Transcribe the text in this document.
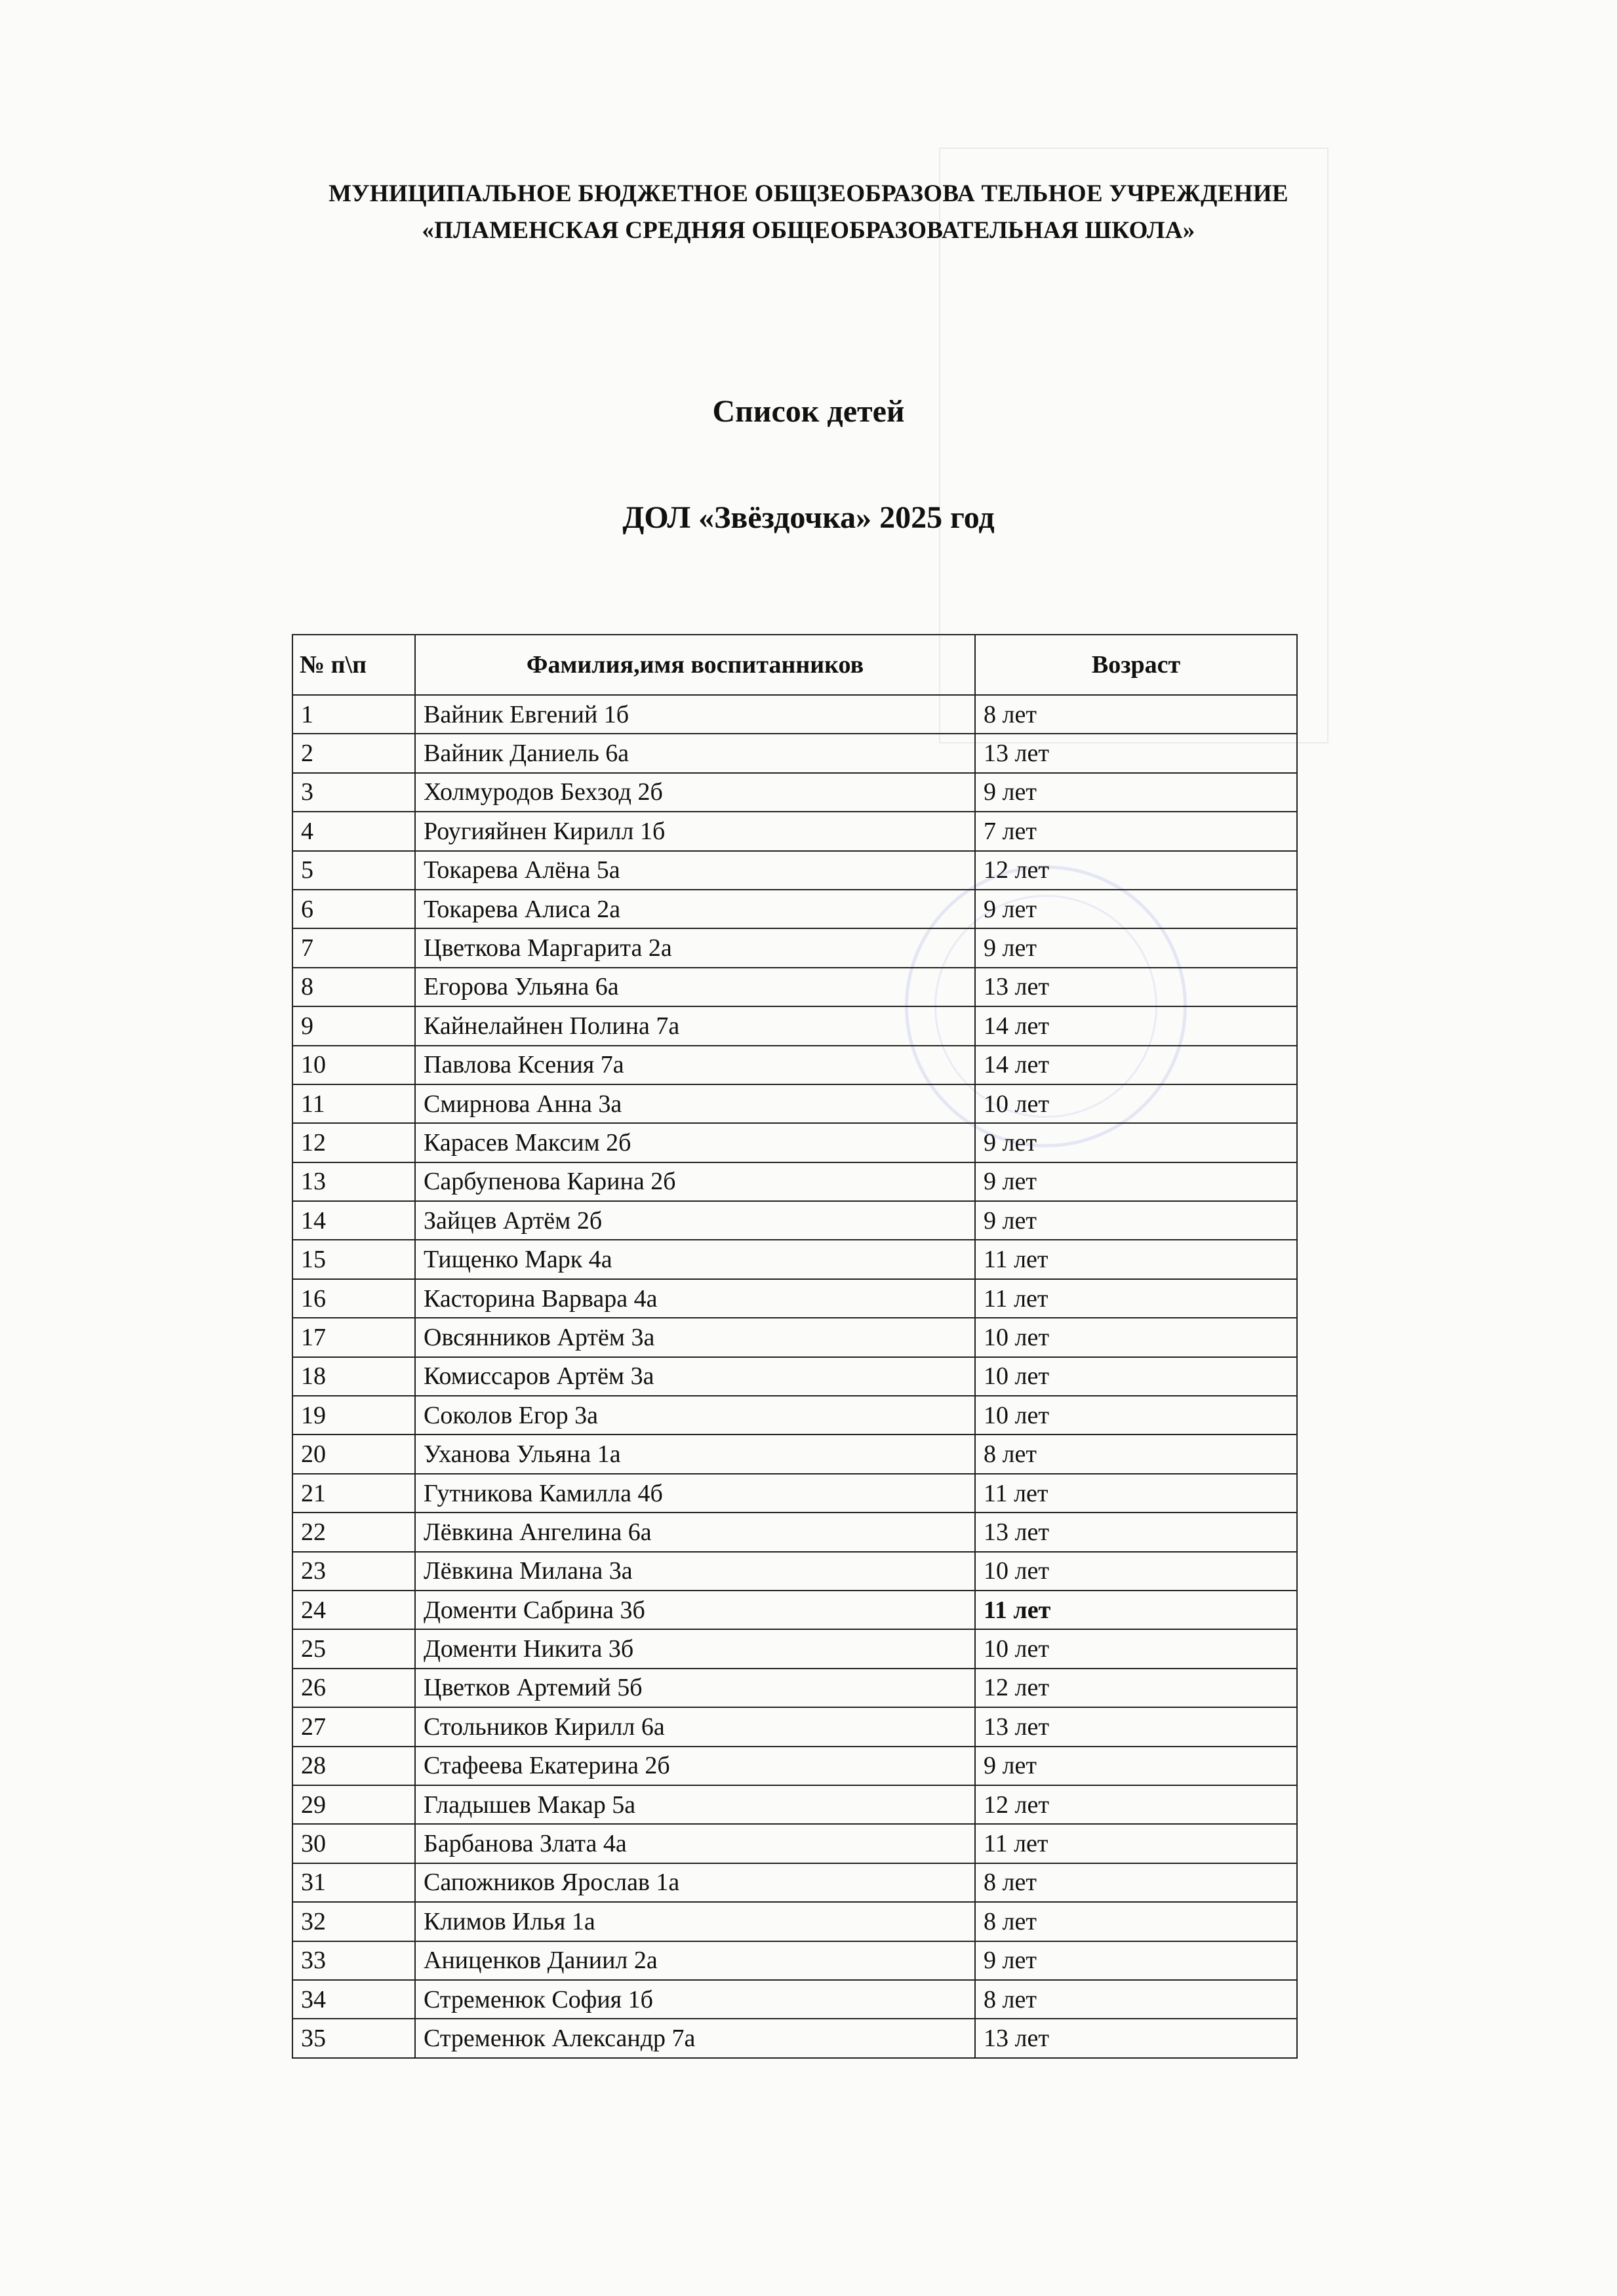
МУНИЦИПАЛЬНОЕ БЮДЖЕТНОЕ ОБЩЗЕОБРАЗОВА ТЕЛЬНОЕ УЧРЕЖДЕНИЕ
«ПЛАМЕНСКАЯ СРЕДНЯЯ ОБЩЕОБРАЗОВАТЕЛЬНАЯ ШКОЛА»
Список детей
ДОЛ «Звёздочка» 2025 год
№ п\п	Фамилия,имя воспитанников	Возраст
1	Вайник Евгений 1б	8 лет
2	Вайник Даниель 6а	13 лет
3	Холмуродов Бехзод 2б	9 лет
4	Роугияйнен Кирилл 1б	7 лет
5	Токарева Алёна 5а	12 лет
6	Токарева Алиса 2а	9 лет
7	Цветкова Маргарита 2а	9 лет
8	Егорова Ульяна 6а	13 лет
9	Кайнелайнен Полина 7а	14 лет
10	Павлова Ксения 7а	14 лет
11	Смирнова Анна 3а	10 лет
12	Карасев Максим 2б	9 лет
13	Сарбупенова Карина 2б	9 лет
14	Зайцев Артём 2б	9 лет
15	Тищенко Марк 4а	11 лет
16	Касторина Варвара 4а	11 лет
17	Овсянников Артём 3а	10 лет
18	Комиссаров Артём 3а	10 лет
19	Соколов Егор 3а	10 лет
20	Уханова Ульяна 1а	8 лет
21	Гутникова Камилла 4б	11 лет
22	Лёвкина Ангелина 6а	13 лет
23	Лёвкина Милана 3а	10 лет
24	Доменти Сабрина 3б	11 лет
25	Доменти Никита 3б	10 лет
26	Цветков Артемий 5б	12 лет
27	Стольников Кирилл 6а	13 лет
28	Стафеева Екатерина 2б	9 лет
29	Гладышев Макар 5а	12 лет
30	Барбанова Злата 4а	11 лет
31	Сапожников Ярослав 1а	8 лет
32	Климов Илья 1а	8 лет
33	Аниценков Даниил 2а	9 лет
34	Стременюк София 1б	8 лет
35	Стременюк Александр 7а	13 лет
